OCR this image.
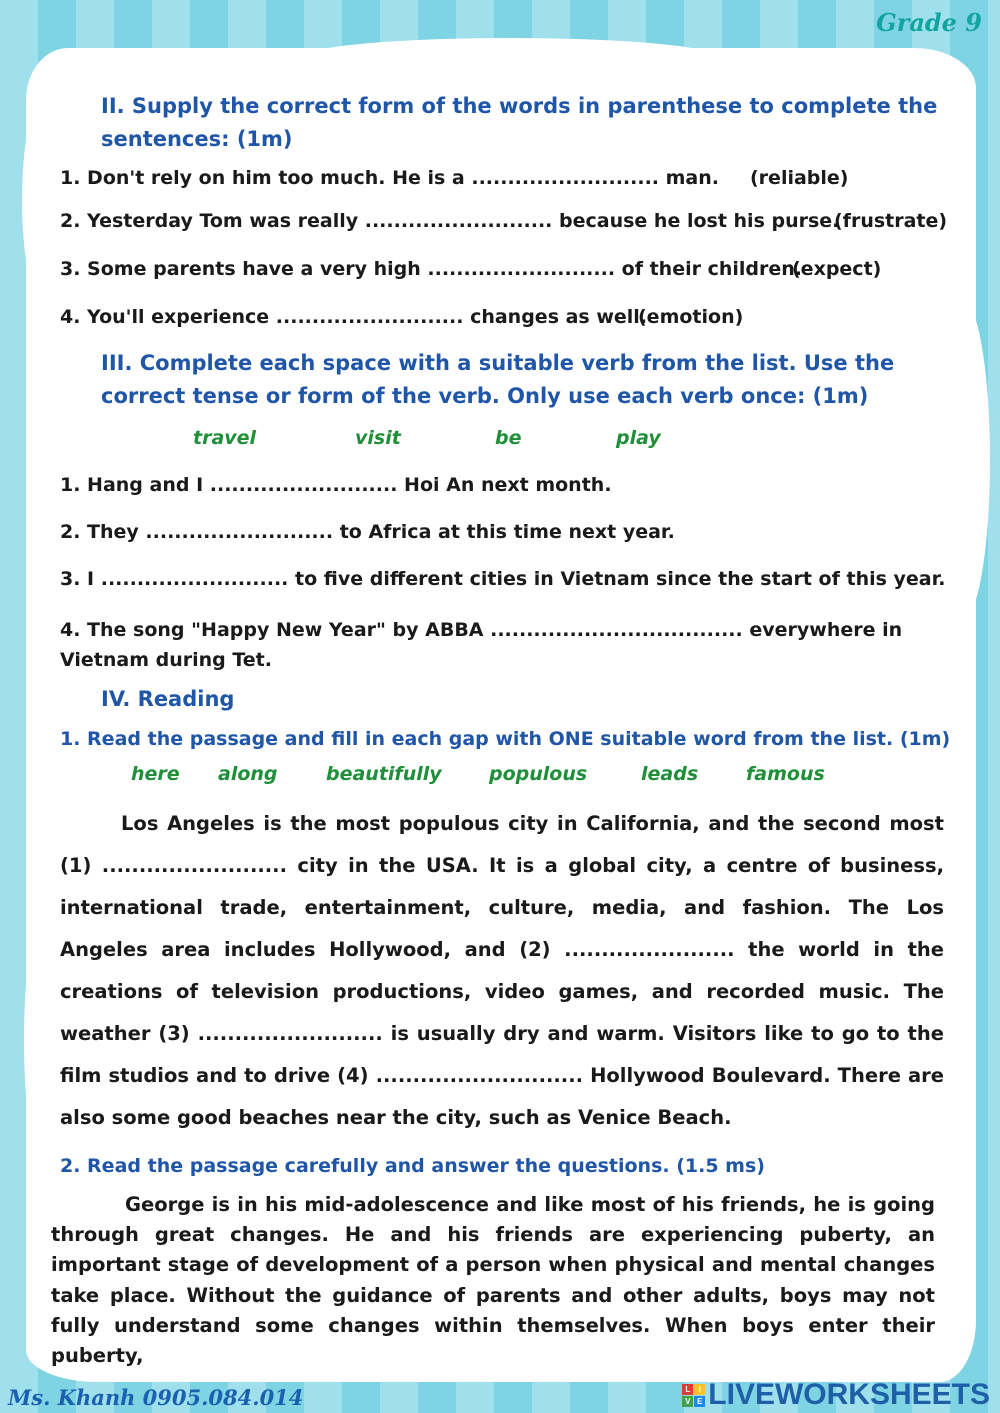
Grade 9
II. Supply the correct form of the words in parenthese to complete the
sentences: (1m)
1. Don't rely on him too much. He is a .......................... man. (reliable)
2. Yesterday Tom was really .......................... because he lost his purse.
(frustrate)
3. Some parents have a very high .......................... of their children.
(expect)
4. You'll experience .......................... changes as well.
(emotion)
III. Complete each space with a suitable verb from the list. Use the
correct tense or form of the verb. Only use each verb once: (1m)
travel	visit	be	play
1. Hang and I .......................... Hoi An next month.
2. They .......................... to Africa at this time next year.
3. I .......................... to five different cities in Vietnam since the start of this year.
4. The song "Happy New Year" by ABBA ................................... everywhere in
Vietnam during Tet.
IV. Reading
1. Read the passage and fill in each gap with ONE suitable word from the list. (1m)
here along	beautifully populous	leads	famous

Los Angeles is the most populous city in California, and the second most (1) ......................... city in the USA. It is a global city, a centre of business, international trade, entertainment, culture, media, and fashion. The Los Angeles area includes Hollywood, and (2) ....................... the world in the creations of television productions, video games, and recorded music. The weather (3) ......................... is usually dry and warm. Visitors like to go to the film studios and to drive (4) ............................ Hollywood Boulevard. There are also some good beaches near the city, such as Venice Beach.

2. Read the passage carefully and answer the questions. (1.5 ms)

George is in his mid-adolescence and like most of his friends, he is going through great changes. He and his friends are experiencing puberty, an important stage of development of a person when physical and mental changes take place. Without the guidance of parents and other adults, boys may not fully understand some changes within themselves. When boys enter their puberty,

Ms. Khanh 0905.084.014	L	I
V E LIVEWORKSHEETS
